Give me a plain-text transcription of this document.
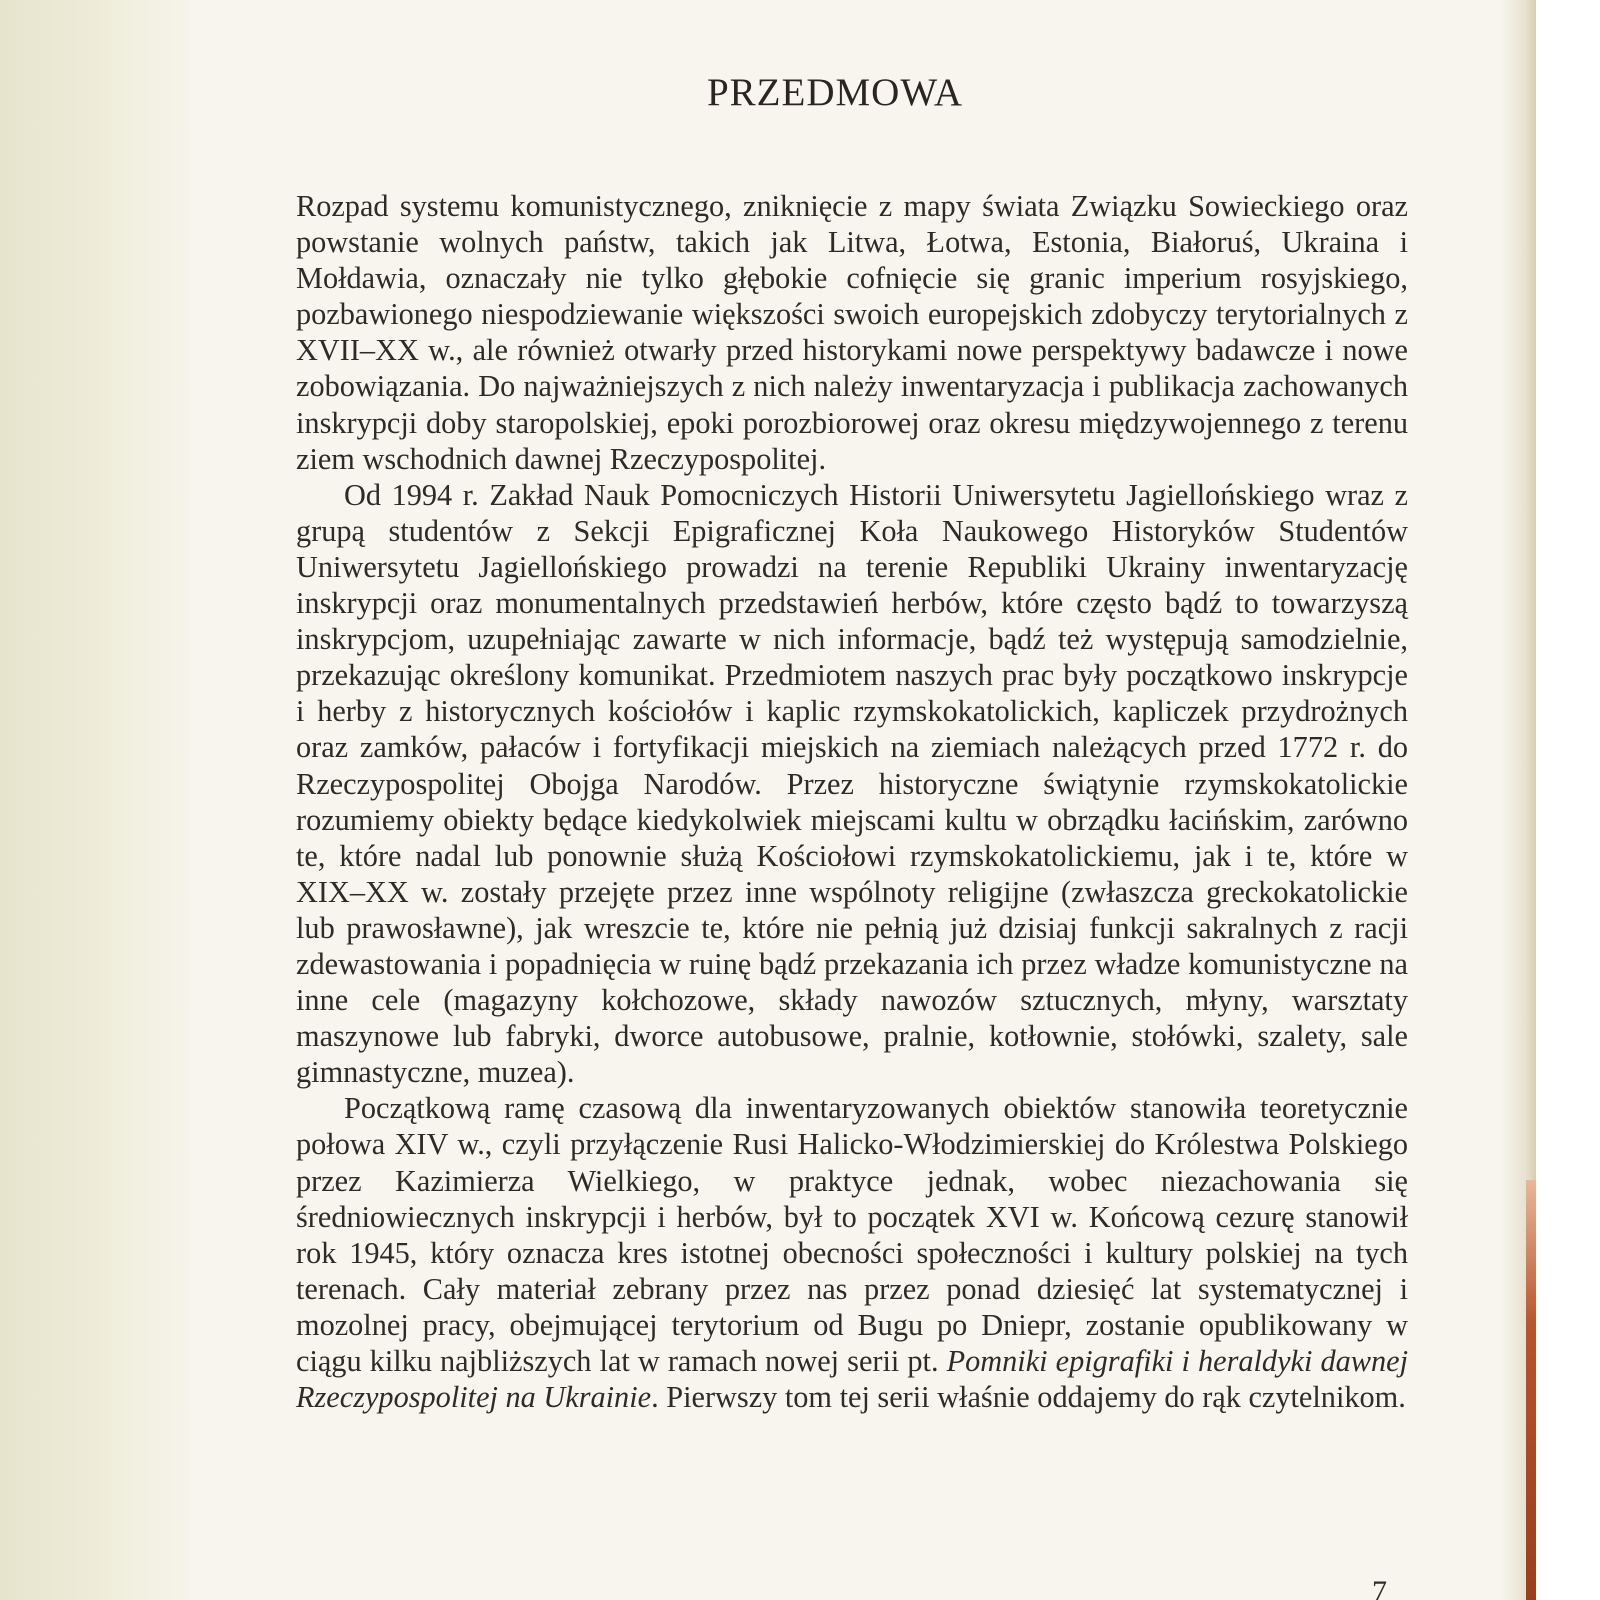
PRZEDMOWA

Rozpad systemu komunistycznego, zniknięcie z mapy świata Związku Sowieckiego oraz powstanie wolnych państw, takich jak Litwa, Łotwa, Estonia, Białoruś, Ukraina i Mołdawia, oznaczały nie tylko głębokie cofnięcie się granic imperium rosyjskiego, pozbawionego niespodziewanie większości swoich europejskich zdobyczy terytorialnych z XVII–XX w., ale również otwarły przed historykami nowe perspektywy badawcze i nowe zobowiązania. Do najważniejszych z nich należy inwentaryzacja i publikacja zachowanych inskrypcji doby staropolskiej, epoki porozbiorowej oraz okresu międzywojennego z terenu ziem wschodnich dawnej Rzeczypospolitej.

Od 1994 r. Zakład Nauk Pomocniczych Historii Uniwersytetu Jagiellońskiego wraz z grupą studentów z Sekcji Epigraficznej Koła Naukowego Historyków Studentów Uniwersytetu Jagiellońskiego prowadzi na terenie Republiki Ukrainy inwentaryzację inskrypcji oraz monumentalnych przedstawień herbów, które często bądź to towarzyszą inskrypcjom, uzupełniając zawarte w nich informacje, bądź też występują samodzielnie, przekazując określony komunikat. Przedmiotem naszych prac były początkowo inskrypcje i herby z historycznych kościołów i kaplic rzymskokatolickich, kapliczek przydrożnych oraz zamków, pałaców i fortyfikacji miejskich na ziemiach należących przed 1772 r. do Rzeczypospolitej Obojga Narodów. Przez historyczne świątynie rzymskokatolickie rozumiemy obiekty będące kiedykolwiek miejscami kultu w obrządku łacińskim, zarówno te, które nadal lub ponownie służą Kościołowi rzymskokatolickiemu, jak i te, które w XIX–XX w. zostały przejęte przez inne wspólnoty religijne (zwłaszcza greckokatolickie lub prawosławne), jak wreszcie te, które nie pełnią już dzisiaj funkcji sakralnych z racji zdewastowania i popadnięcia w ruinę bądź przekazania ich przez władze komunistyczne na inne cele (magazyny kołchozowe, składy nawozów sztucznych, młyny, warsztaty maszynowe lub fabryki, dworce autobusowe, pralnie, kotłownie, stołówki, szalety, sale gimnastyczne, muzea).

Początkową ramę czasową dla inwentaryzowanych obiektów stanowiła teoretycznie połowa XIV w., czyli przyłączenie Rusi Halicko-Włodzimierskiej do Królestwa Polskiego przez Kazimierza Wielkiego, w praktyce jednak, wobec niezachowania się średniowiecznych inskrypcji i herbów, był to początek XVI w. Końcową cezurę stanowił rok 1945, który oznacza kres istotnej obecności społeczności i kultury polskiej na tych terenach. Cały materiał zebrany przez nas przez ponad dziesięć lat systematycznej i mozolnej pracy, obejmującej terytorium od Bugu po Dniepr, zostanie opublikowany w ciągu kilku najbliższych lat w ramach nowej serii pt. Pomniki epigrafiki i heraldyki dawnej Rzeczypospolitej na Ukrainie. Pierwszy tom tej serii właśnie oddajemy do rąk czytelnikom.

7
